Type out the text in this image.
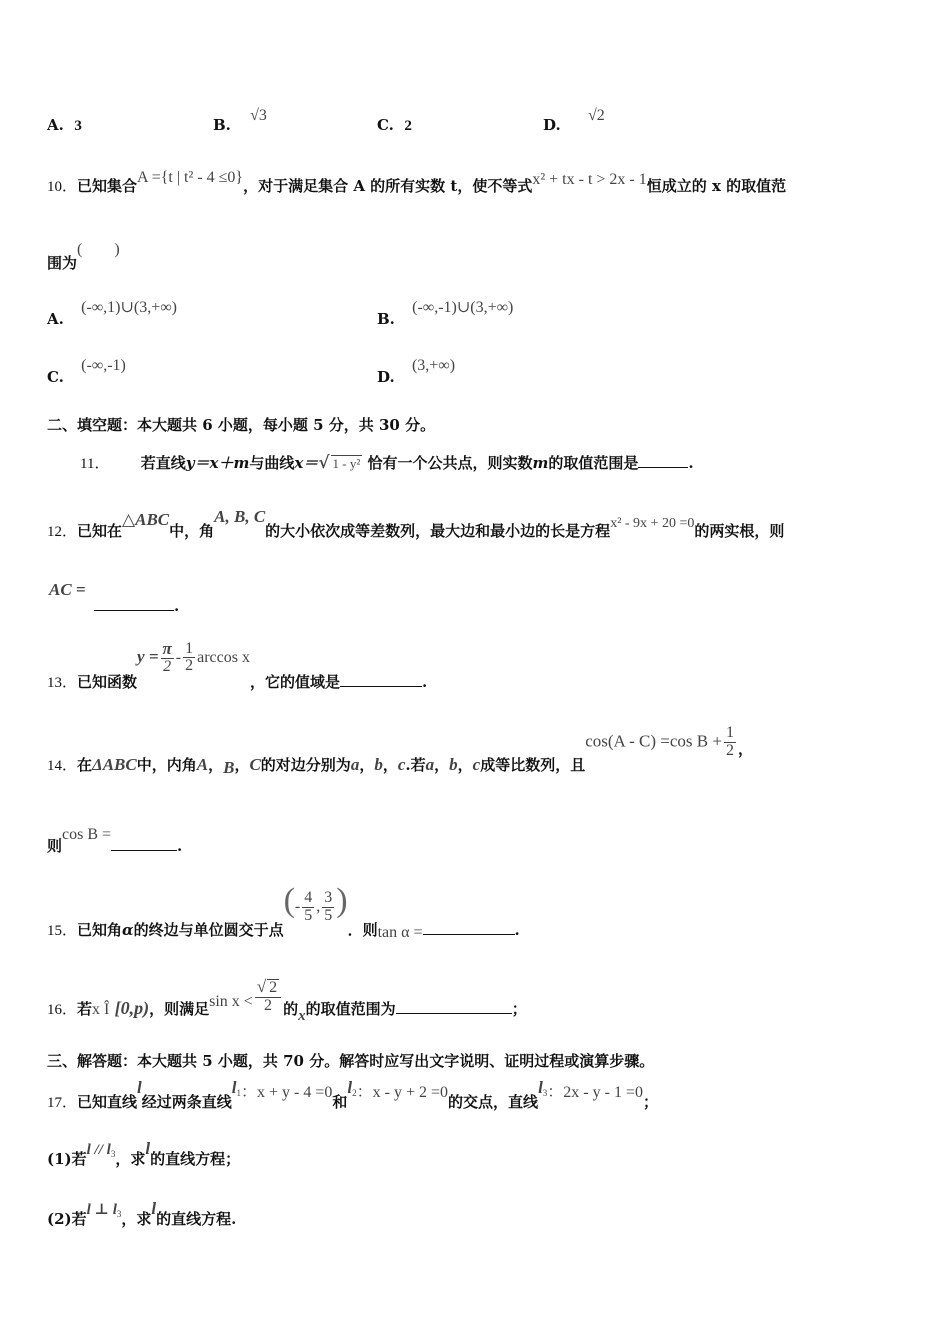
A. 3	B. √3
C. 2	D. √2
10．已知集合A ={t | t² - 4 ≤0}，对于满足集合 A 的所有实数 t，使不等式x² + tx - t > 2x - 1恒成立的 x 的取值范
围为(　　)
A. (-∞,1)∪(3,+∞)
B. (-∞,-1)∪(3,+∞)
C. (-∞,-1)
D. (3,+∞)
二、填空题：本大题共 6 小题，每小题 5 分，共 30 分。
11． 若直线y＝x＋m与曲线x＝√ 1 - y² 恰有一个公共点，则实数m的取值范围是	.
12．已知在△ABC中，角A, B, C的大小依次成等差数列，最大边和最小边的长是方程x² - 9x + 20 =0的两实根，则
AC =
.
13．已知函数$y = \frac{\pi}{2} - \frac{1}{2}$ arccos x，它的值域是	.
14．在ΔABC中，内角A，B，C的对边分别为a，b，c.若a，b，c成等比数列，且cos(A - C) =cos $B + \frac{1}{2}$ ，
则cos B =.
15．已知角α的终边与单位圆交于点(- $\frac{4}{5}$ , $\frac{3}{5}$ )．则tan α =	.
16．若x Î [0,p)，则满足$\sin x < \frac{√ 2}{2}$ 的x的取值范围为	；
三、解答题：本大题共 5 小题，共 70 分。解答时应写出文字说明、证明过程或演算步骤。
17．已知直线l经过两条直线$l_1$：x + y - 4 =0和$l_2$：x - y + 2 =0的交点，直线$l_3$：2x - y - 1 =0；
(1)若l // $l_3$，求l的直线方程；
(2)若l ⊥ $l_3$，求l的直线方程.
